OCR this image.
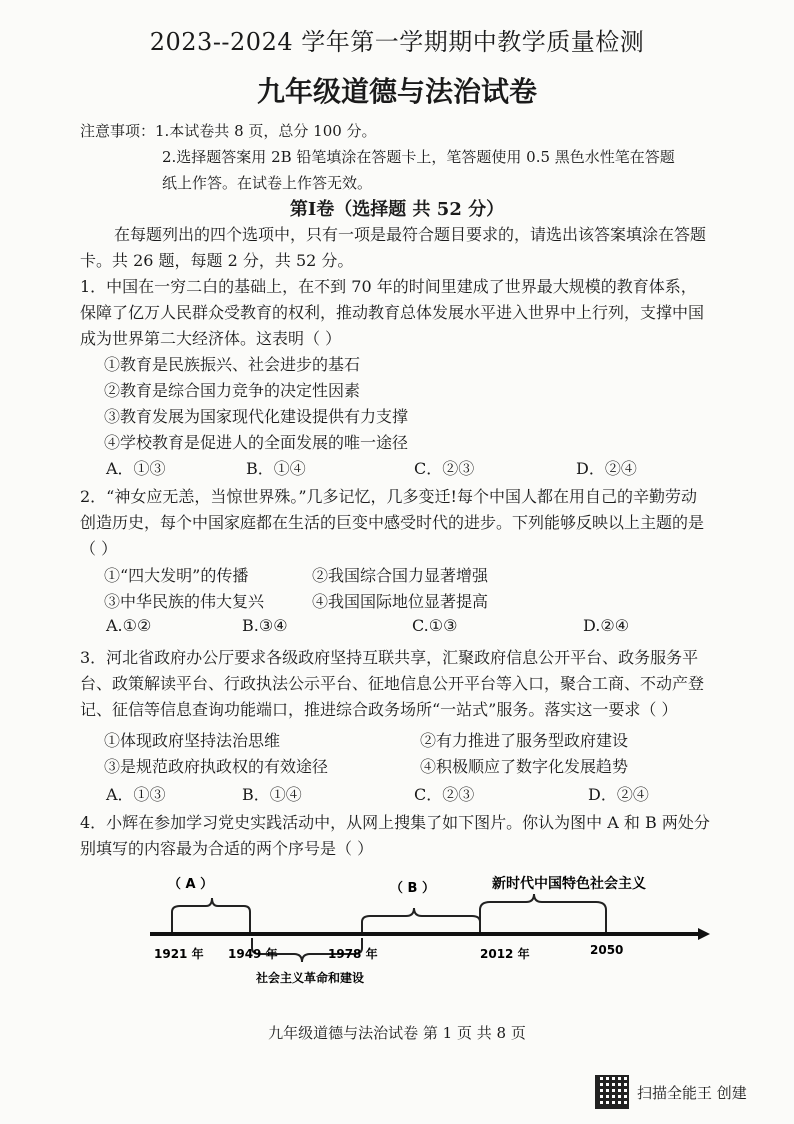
2023--2024 学年第一学期期中教学质量检测
九年级道德与法治试卷
注意事项：1.本试卷共 8 页，总分 100 分。
2.选择题答案用 2B 铅笔填涂在答题卡上，笔答题使用 0.5 黑色水性笔在答题
纸上作答。在试卷上作答无效。
第Ⅰ卷（选择题 共 52 分）
在每题列出的四个选项中，只有一项是最符合题目要求的，请选出该答案填涂在答题
卡。共 26 题，每题 2 分，共 52 分。
1．中国在一穷二白的基础上，在不到 70 年的时间里建成了世界最大规模的教育体系，
保障了亿万人民群众受教育的权利，推动教育总体发展水平进入世界中上行列，支撑中国
成为世界第二大经济体。这表明（ ）
①教育是民族振兴、社会进步的基石
②教育是综合国力竞争的决定性因素
③教育发展为国家现代化建设提供有力支撑
④学校教育是促进人的全面发展的唯一途径
A．①③	B．①④	C．②③	D．②④
2．“神女应无恙，当惊世界殊。”几多记忆，几多变迁!每个中国人都在用自己的辛勤劳动
创造历史，每个中国家庭都在生活的巨变中感受时代的进步。下列能够反映以上主题的是
（ ）
①“四大发明”的传播	②我国综合国力显著增强
③中华民族的伟大复兴	④我国国际地位显著提高
A.①②	B.③④	C.①③	D.②④
3．河北省政府办公厅要求各级政府坚持互联共享，汇聚政府信息公开平台、政务服务平
台、政策解读平台、行政执法公示平台、征地信息公开平台等入口，聚合工商、不动产登
记、征信等信息查询功能端口，推进综合政务场所“一站式”服务。落实这一要求（ ）
①体现政府坚持法治思维	②有力推进了服务型政府建设
③是规范政府执政权的有效途径	④积极顺应了数字化发展趋势
A．①③	B．①④	C．②③	D．②④
4．小辉在参加学习党史实践活动中，从网上搜集了如下图片。你认为图中 A 和 B 两处分
别填写的内容最为合适的两个序号是（ ）
（ A ）	（ B ）	新时代中国特色社会主义
1921 年 1949 年	1978 年	2012 年	2050
社会主义革命和建设
九年级道德与法治试卷 第 1 页 共 8 页
扫描全能王 创建
